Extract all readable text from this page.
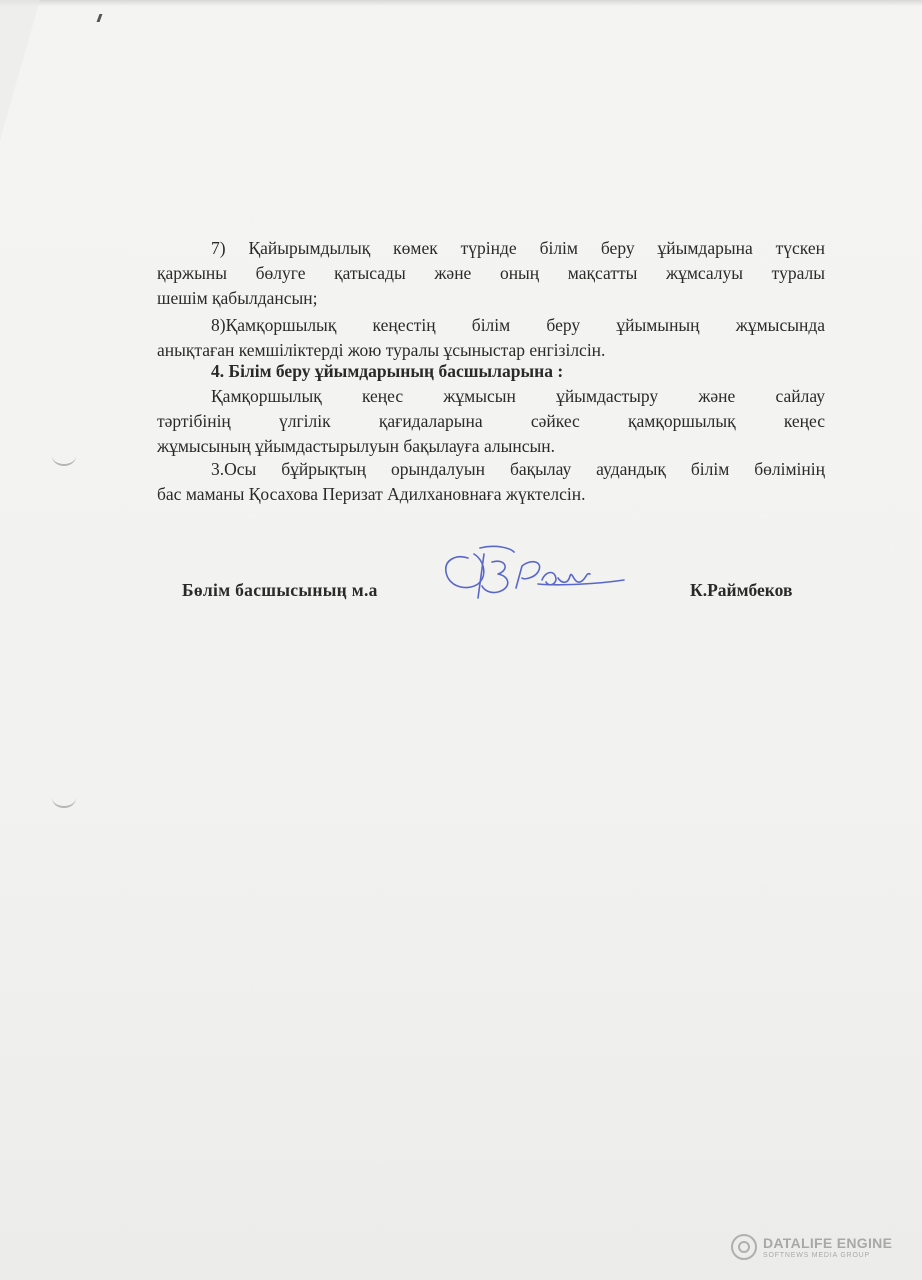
7) Қайырымдылық көмек түрінде білім беру ұйымдарына түскен
қаржыны бөлуге қатысады және оның мақсатты жұмсалуы туралы
шешім қабылдансын;
8)Қамқоршылық кеңестің білім беру ұйымының жұмысында
анықтаған кемшіліктерді жою туралы ұсыныстар енгізілсін.
4. Білім беру ұйымдарының басшыларына :
Қамқоршылық кеңес жұмысын ұйымдастыру және сайлау
тәртібінің үлгілік қағидаларына сәйкес қамқоршылық кеңес
жұмысының ұйымдастырылуын бақылауға алынсын.
3.Осы бұйрықтың орындалуын бақылау аудандық білім бөлімінің
бас маманы Қосахова Перизат Адилхановнаға жүктелсін.
Бөлім басшысының м.а	К.Раймбеков
DATALIFE ENGINE
SOFTNEWS MEDIA GROUP
